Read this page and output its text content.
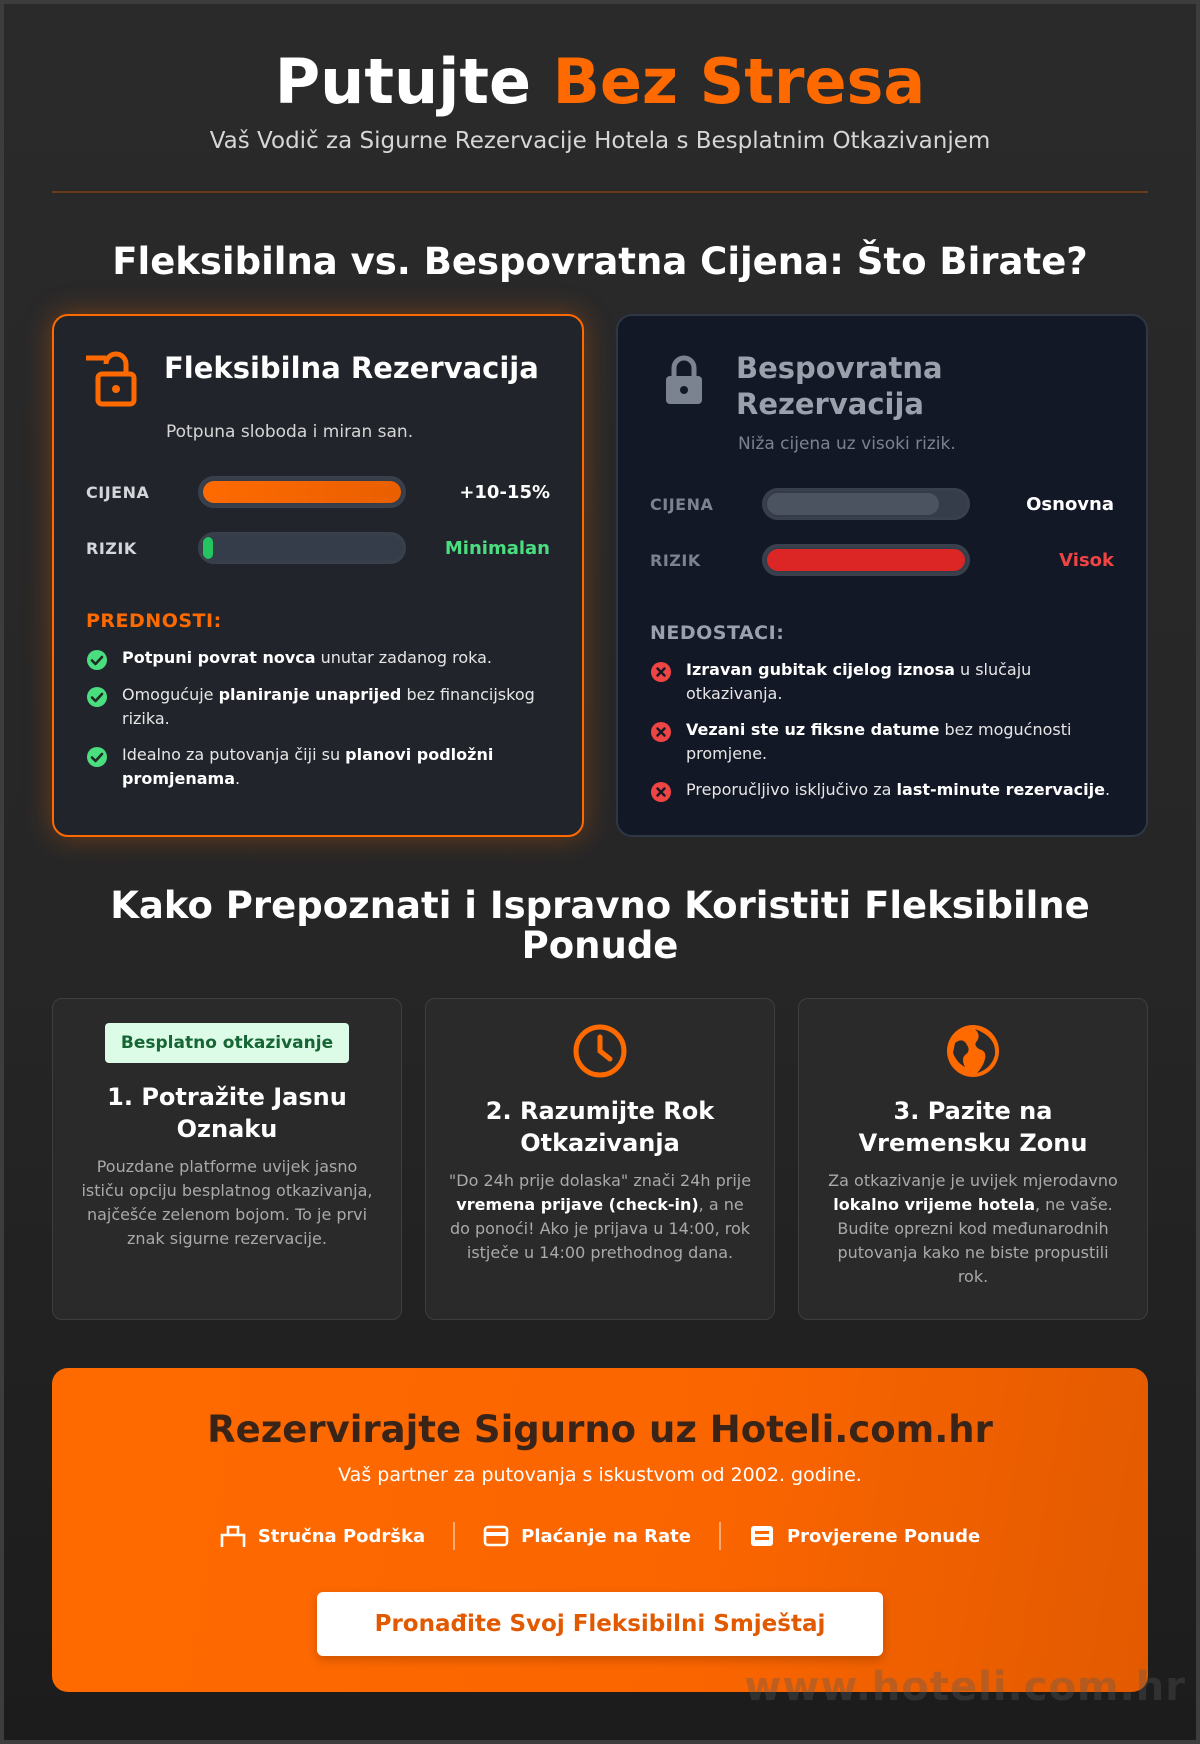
Putujte Bez Stresa
Vaš Vodič za Sigurne Rezervacije Hotela s Besplatnim Otkazivanjem
Fleksibilna vs. Bespovratna Cijena: Što Birate?
Fleksibilna Rezervacija
Potpuna sloboda i miran san.
CIJENA	+10-15%
RIZIK	Minimalan
PREDNOSTI:
Potpuni povrat novca unutar zadanog roka.
Omogućuje planiranje unaprijed bez financijskog rizika.
Idealno za putovanja čiji su planovi podložni promjenama.
Bespovratna Rezervacija
Niža cijena uz visoki rizik.
CIJENA	Osnovna
RIZIK	Visok
NEDOSTACI:
Izravan gubitak cijelog iznosa u slučaju otkazivanja.
Vezani ste uz fiksne datume bez mogućnosti promjene.
Preporučljivo isključivo za last-minute rezervacije.
Kako Prepoznati i Ispravno Koristiti Fleksibilne Ponude
Besplatno otkazivanje
1. Potražite Jasnu Oznaku
Pouzdane platforme uvijek jasno ističu opciju besplatnog otkazivanja, najčešće zelenom bojom. To je prvi znak sigurne rezervacije.
2. Razumijte Rok Otkazivanja
"Do 24h prije dolaska" znači 24h prije vremena prijave (check-in), a ne do ponoći! Ako je prijava u 14:00, rok istječe u 14:00 prethodnog dana.
3. Pazite na Vremensku Zonu
Za otkazivanje je uvijek mjerodavno lokalno vrijeme hotela, ne vaše. Budite oprezni kod međunarodnih putovanja kako ne biste propustili rok.
Rezervirajte Sigurno uz Hoteli.com.hr
Vaš partner za putovanja s iskustvom od 2002. godine.
Stručna Podrška	Plaćanje na Rate	Provjerene Ponude
Pronađite Svoj Fleksibilni Smještaj
www.hoteli.com.hr
